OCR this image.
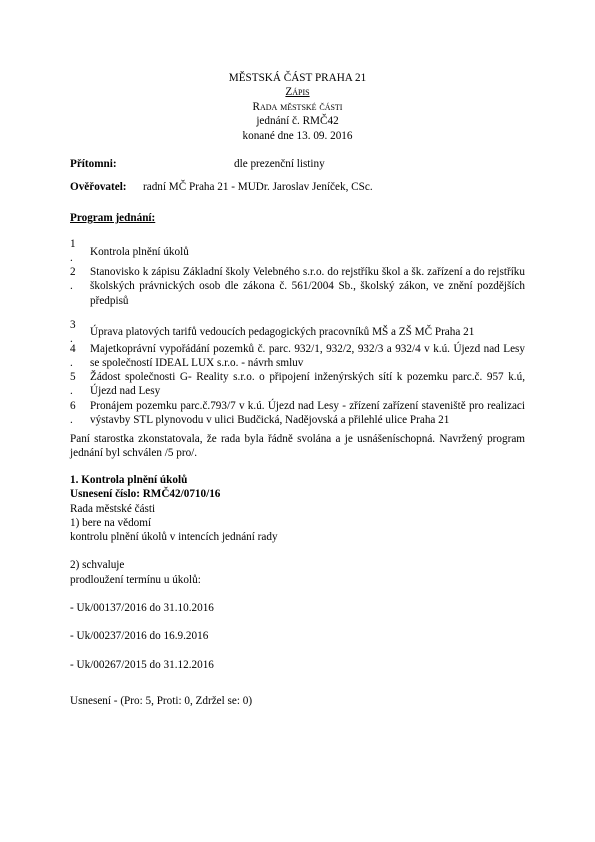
MĚSTSKÁ ČÁST PRAHA 21
Zápis
Rada městské části
jednání č. RMČ42
konané dne 13. 09. 2016
Přítomni:	dle prezenční listiny
Ověřovatel: radní MČ Praha 21 - MUDr. Jaroslav Jeníček, CSc.
Program jednání:
1
.	Kontrola plnění úkolů
2
.
Stanovisko k zápisu Základní školy Velebného s.r.o. do rejstříku škol a šk. zařízení a do rejstříku školských právnických osob dle zákona č. 561/2004 Sb., školský zákon, ve znění pozdějších předpisů
3
.
Úprava platových tarifů vedoucích pedagogických pracovníků MŠ a ZŠ MČ Praha 21
4
.
Majetkoprávní vypořádání pozemků č. parc. 932/1, 932/2, 932/3 a 932/4 v k.ú. Újezd nad Lesy se společností IDEAL LUX s.r.o. - návrh smluv
5
.
Žádost společnosti G- Reality s.r.o. o připojení inženýrských sítí k pozemku parc.č. 957 k.ú, Újezd nad Lesy
6
.
Pronájem pozemku parc.č.793/7 v k.ú. Újezd nad Lesy - zřízení zařízení staveniště pro realizaci výstavby STL plynovodu v ulici Budčická, Nadějovská a přilehlé ulice Praha 21
Paní starostka zkonstatovala, že rada byla řádně svolána a je usnášeníschopná. Navržený program jednání byl schválen /5 pro/.

1. Kontrola plnění úkolů

Usnesení číslo: RMČ42/0710/16

Rada městské části

1) bere na vědomí

kontrolu plnění úkolů v intencích jednání rady

2) schvaluje

prodloužení termínu u úkolů:

- Uk/00137/2016 do 31.10.2016

- Uk/00237/2016 do 16.9.2016

- Uk/00267/2015 do 31.12.2016

Usnesení - (Pro: 5, Proti: 0, Zdržel se: 0)
